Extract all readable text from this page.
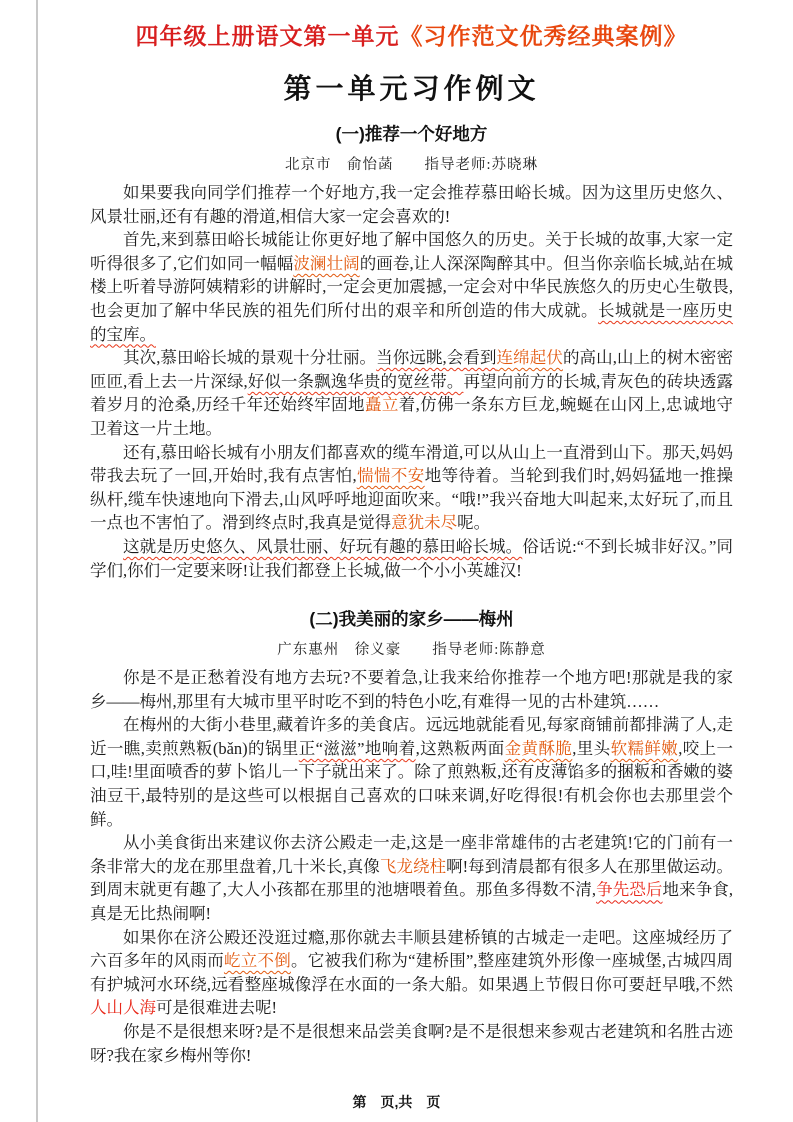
四年级上册语文第一单元《习作范文优秀经典案例》
第一单元习作例文
(一)推荐一个好地方
北京市　俞怡菡　　指导老师:苏晓琳

如果要我向同学们推荐一个好地方,我一定会推荐慕田峪长城。因为这里历史悠久、风景壮丽,还有有趣的滑道,相信大家一定会喜欢的!

首先,来到慕田峪长城能让你更好地了解中国悠久的历史。关于长城的故事,大家一定听得很多了,它们如同一幅幅波澜壮阔的画卷,让人深深陶醉其中。但当你亲临长城,站在城楼上听着导游阿姨精彩的讲解时,一定会更加震撼,一定会对中华民族悠久的历史心生敬畏,也会更加了解中华民族的祖先们所付出的艰辛和所创造的伟大成就。长城就是一座历史的宝库。

其次,慕田峪长城的景观十分壮丽。当你远眺,会看到连绵起伏的高山,山上的树木密密匝匝,看上去一片深绿,好似一条飘逸华贵的宽丝带。再望向前方的长城,青灰色的砖块透露着岁月的沧桑,历经千年还始终牢固地矗立着,仿佛一条东方巨龙,蜿蜒在山冈上,忠诚地守卫着这一片土地。

还有,慕田峪长城有小朋友们都喜欢的缆车滑道,可以从山上一直滑到山下。那天,妈妈带我去玩了一回,开始时,我有点害怕,惴惴不安地等待着。当轮到我们时,妈妈猛地一推操纵杆,缆车快速地向下滑去,山风呼呼地迎面吹来。“哦!”我兴奋地大叫起来,太好玩了,而且一点也不害怕了。滑到终点时,我真是觉得意犹未尽呢。

这就是历史悠久、风景壮丽、好玩有趣的慕田峪长城。俗话说:“不到长城非好汉。”同学们,你们一定要来呀!让我们都登上长城,做一个小小英雄汉!

(二)我美丽的家乡——梅州
广东惠州　徐义豪　　指导老师:陈静意

你是不是正愁着没有地方去玩?不要着急,让我来给你推荐一个地方吧!那就是我的家乡——梅州,那里有大城市里平时吃不到的特色小吃,有难得一见的古朴建筑……

在梅州的大街小巷里,藏着许多的美食店。远远地就能看见,每家商铺前都排满了人,走近一瞧,卖煎熟粄(bǎn)的锅里正“滋滋”地响着,这熟粄两面金黄酥脆,里头软糯鲜嫩,咬上一口,哇!里面喷香的萝卜馅儿一下子就出来了。除了煎熟粄,还有皮薄馅多的捆粄和香嫩的婆油豆干,最特别的是这些可以根据自己喜欢的口味来调,好吃得很!有机会你也去那里尝个鲜。

从小美食街出来建议你去济公殿走一走,这是一座非常雄伟的古老建筑!它的门前有一条非常大的龙在那里盘着,几十米长,真像飞龙绕柱啊!每到清晨都有很多人在那里做运动。到周末就更有趣了,大人小孩都在那里的池塘喂着鱼。那鱼多得数不清,争先恐后地来争食,真是无比热闹啊!

如果你在济公殿还没逛过瘾,那你就去丰顺县建桥镇的古城走一走吧。这座城经历了六百多年的风雨而屹立不倒。它被我们称为“建桥围”,整座建筑外形像一座城堡,古城四周有护城河水环绕,远看整座城像浮在水面的一条大船。如果遇上节假日你可要赶早哦,不然人山人海可是很难进去呢!

你是不是很想来呀?是不是很想来品尝美食啊?是不是很想来参观古老建筑和名胜古迹呀?我在家乡梅州等你!

第　页,共　页
